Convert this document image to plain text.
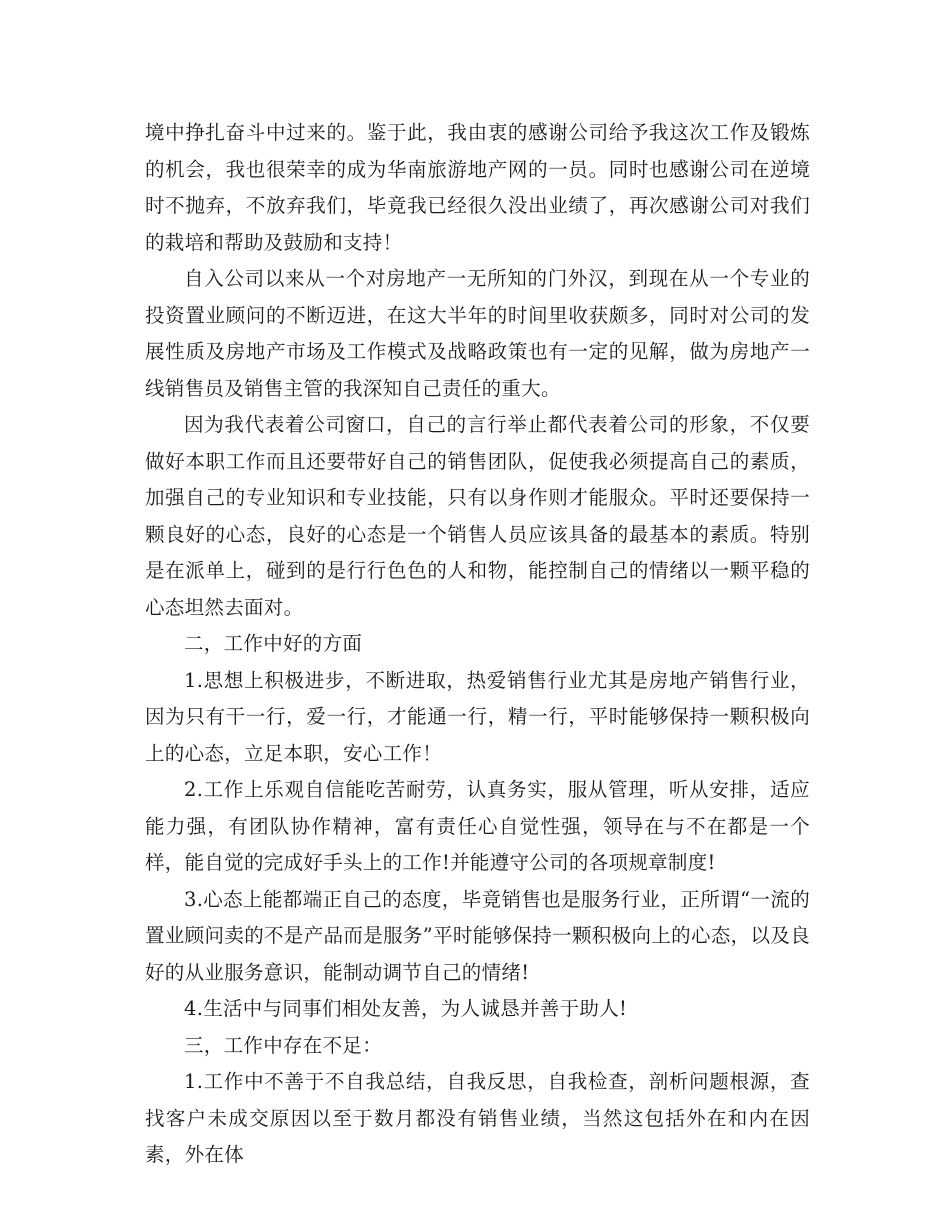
境中挣扎奋斗中过来的。鉴于此，我由衷的感谢公司给予我这次工作及锻炼的机会，我也很荣幸的成为华南旅游地产网的一员。同时也感谢公司在逆境时不抛弃，不放弃我们，毕竟我已经很久没出业绩了，再次感谢公司对我们的栽培和帮助及鼓励和支持！

自入公司以来从一个对房地产一无所知的门外汉，到现在从一个专业的投资置业顾问的不断迈进，在这大半年的时间里收获颇多，同时对公司的发展性质及房地产市场及工作模式及战略政策也有一定的见解，做为房地产一线销售员及销售主管的我深知自己责任的重大。

因为我代表着公司窗口，自己的言行举止都代表着公司的形象，不仅要做好本职工作而且还要带好自己的销售团队，促使我必须提高自己的素质，加强自己的专业知识和专业技能，只有以身作则才能服众。平时还要保持一颗良好的心态，良好的心态是一个销售人员应该具备的最基本的素质。特别是在派单上，碰到的是行行色色的人和物，能控制自己的情绪以一颗平稳的心态坦然去面对。

二，工作中好的方面

1.思想上积极进步，不断进取，热爱销售行业尤其是房地产销售行业，因为只有干一行，爱一行，才能通一行，精一行，平时能够保持一颗积极向上的心态，立足本职，安心工作！

2.工作上乐观自信能吃苦耐劳，认真务实，服从管理，听从安排，适应能力强，有团队协作精神，富有责任心自觉性强，领导在与不在都是一个样，能自觉的完成好手头上的工作!并能遵守公司的各项规章制度!

3.心态上能都端正自己的态度，毕竟销售也是服务行业，正所谓“一流的置业顾问卖的不是产品而是服务”平时能够保持一颗积极向上的心态，以及良好的从业服务意识，能制动调节自己的情绪!

4.生活中与同事们相处友善，为人诚恳并善于助人!

三，工作中存在不足：

1.工作中不善于不自我总结，自我反思，自我检查，剖析问题根源，查找客户未成交原因以至于数月都没有销售业绩，当然这包括外在和内在因素，外在体
